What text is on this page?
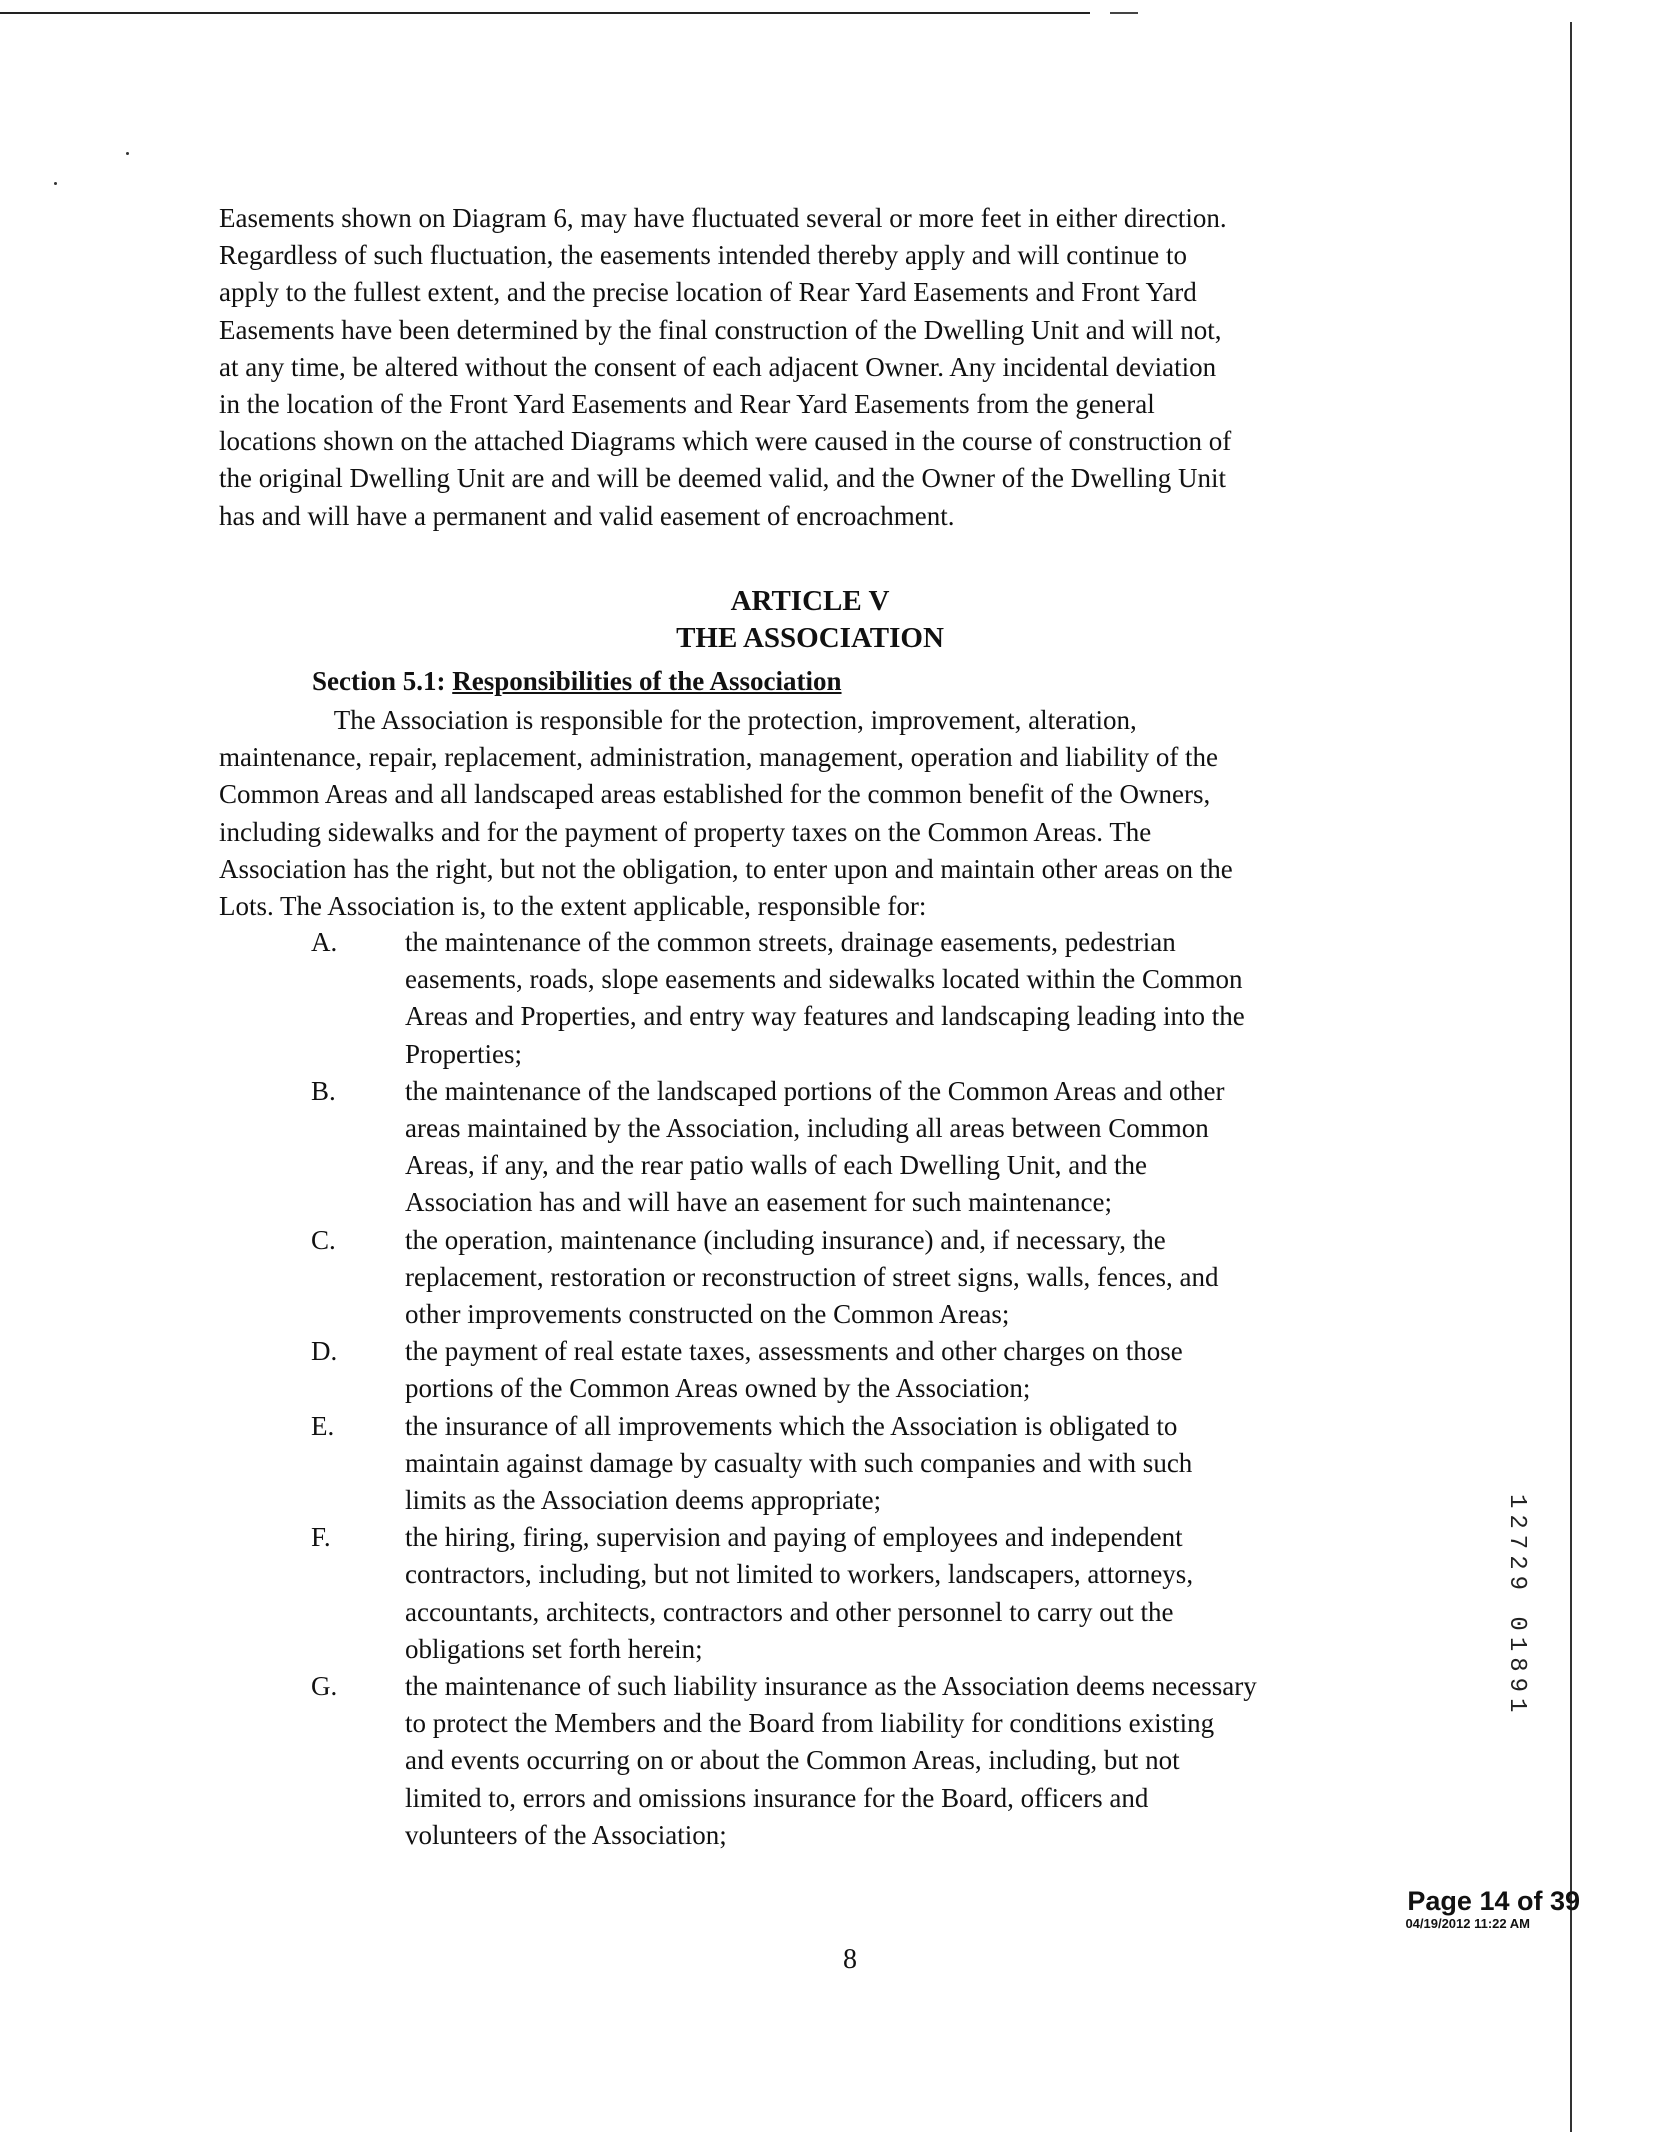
Easements shown on Diagram 6, may have fluctuated several or more feet in either direction.
Regardless of such fluctuation, the easements intended thereby apply and will continue to
apply to the fullest extent, and the precise location of Rear Yard Easements and Front Yard
Easements have been determined by the final construction of the Dwelling Unit and will not,
at any time, be altered without the consent of each adjacent Owner. Any incidental deviation
in the location of the Front Yard Easements and Rear Yard Easements from the general
locations shown on the attached Diagrams which were caused in the course of construction of
the original Dwelling Unit are and will be deemed valid, and the Owner of the Dwelling Unit
has and will have a permanent and valid easement of encroachment.
ARTICLE V
THE ASSOCIATION
Section 5.1: Responsibilities of the Association
The Association is responsible for the protection, improvement, alteration,
maintenance, repair, replacement, administration, management, operation and liability of the
Common Areas and all landscaped areas established for the common benefit of the Owners,
including sidewalks and for the payment of property taxes on the Common Areas. The
Association has the right, but not the obligation, to enter upon and maintain other areas on the
Lots. The Association is, to the extent applicable, responsible for:
A.	the maintenance of the common streets, drainage easements, pedestrian
easements, roads, slope easements and sidewalks located within the Common
Areas and Properties, and entry way features and landscaping leading into the
Properties;
B.	the maintenance of the landscaped portions of the Common Areas and other
areas maintained by the Association, including all areas between Common
Areas, if any, and the rear patio walls of each Dwelling Unit, and the
Association has and will have an easement for such maintenance;
C.	the operation, maintenance (including insurance) and, if necessary, the
replacement, restoration or reconstruction of street signs, walls, fences, and
other improvements constructed on the Common Areas;
D.	the payment of real estate taxes, assessments and other charges on those
portions of the Common Areas owned by the Association;
E.	the insurance of all improvements which the Association is obligated to
maintain against damage by casualty with such companies and with such
limits as the Association deems appropriate;
F.	the hiring, firing, supervision and paying of employees and independent
contractors, including, but not limited to workers, landscapers, attorneys,
accountants, architects, contractors and other personnel to carry out the
obligations set forth herein;
G.	the maintenance of such liability insurance as the Association deems necessary
to protect the Members and the Board from liability for conditions existing
and events occurring on or about the Common Areas, including, but not
limited to, errors and omissions insurance for the Board, officers and
volunteers of the Association;
12729 01891
Page 14 of 39
04/19/2012 11:22 AM
8
